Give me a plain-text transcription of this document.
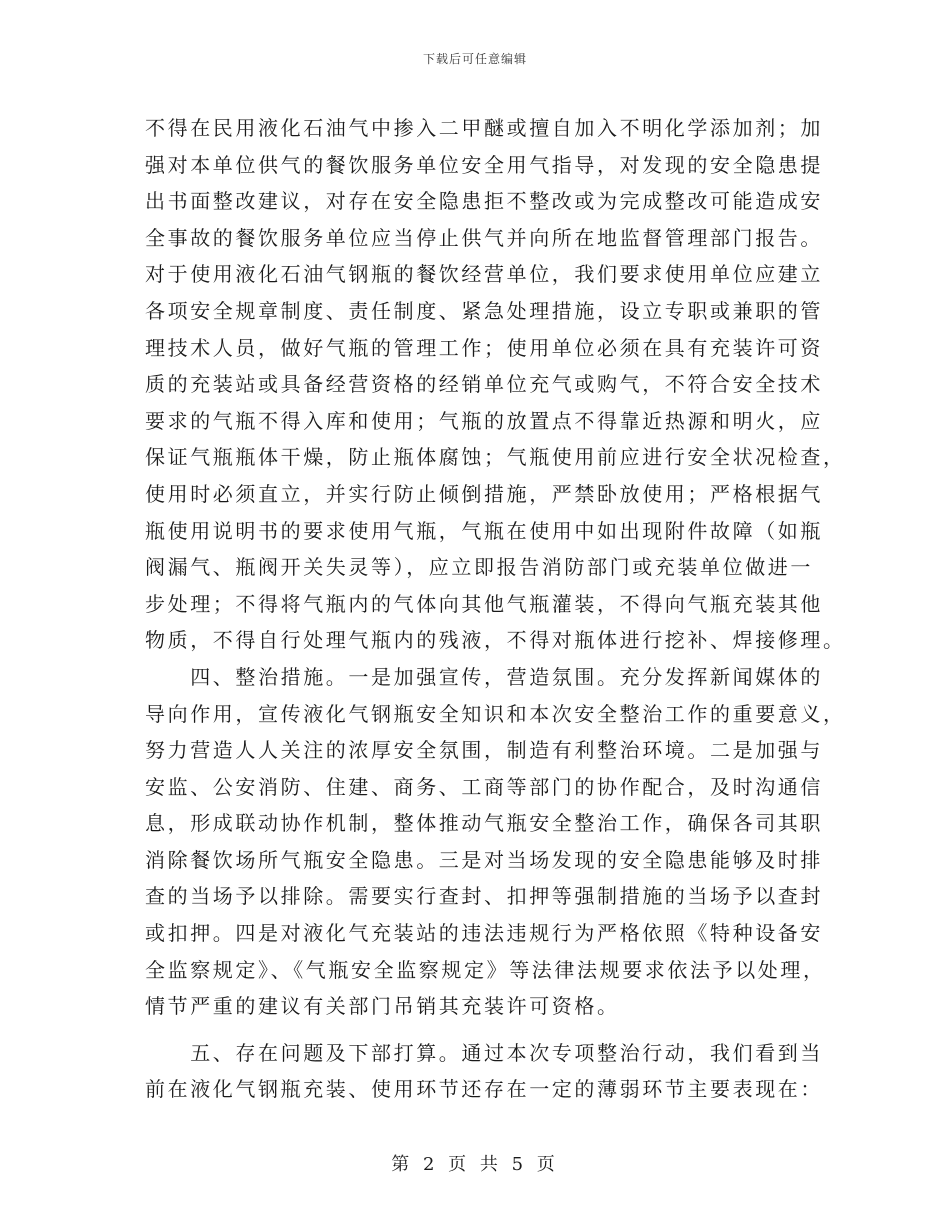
下载后可任意编辑
不得在民用液化石油气中掺入二甲醚或擅自加入不明化学添加剂；加
强对本单位供气的餐饮服务单位安全用气指导，对发现的安全隐患提
出书面整改建议，对存在安全隐患拒不整改或为完成整改可能造成安
全事故的餐饮服务单位应当停止供气并向所在地监督管理部门报告。
对于使用液化石油气钢瓶的餐饮经营单位，我们要求使用单位应建立
各项安全规章制度、责任制度、紧急处理措施，设立专职或兼职的管
理技术人员，做好气瓶的管理工作；使用单位必须在具有充装许可资
质的充装站或具备经营资格的经销单位充气或购气，不符合安全技术
要求的气瓶不得入库和使用；气瓶的放置点不得靠近热源和明火，应
保证气瓶瓶体干燥，防止瓶体腐蚀；气瓶使用前应进行安全状况检查，
使用时必须直立，并实行防止倾倒措施，严禁卧放使用；严格根据气
瓶使用说明书的要求使用气瓶，气瓶在使用中如出现附件故障（如瓶
阀漏气、瓶阀开关失灵等），应立即报告消防部门或充装单位做进一
步处理；不得将气瓶内的气体向其他气瓶灌装，不得向气瓶充装其他
物质，不得自行处理气瓶内的残液，不得对瓶体进行挖补、焊接修理。
　　四、整治措施。一是加强宣传，营造氛围。充分发挥新闻媒体的
导向作用，宣传液化气钢瓶安全知识和本次安全整治工作的重要意义，
努力营造人人关注的浓厚安全氛围，制造有利整治环境。二是加强与
安监、公安消防、住建、商务、工商等部门的协作配合，及时沟通信
息，形成联动协作机制，整体推动气瓶安全整治工作，确保各司其职
消除餐饮场所气瓶安全隐患。三是对当场发现的安全隐患能够及时排
查的当场予以排除。需要实行查封、扣押等强制措施的当场予以查封
或扣押。四是对液化气充装站的违法违规行为严格依照《特种设备安
全监察规定》、《气瓶安全监察规定》等法律法规要求依法予以处理，
情节严重的建议有关部门吊销其充装许可资格。
　　五、存在问题及下部打算。通过本次专项整治行动，我们看到当
前在液化气钢瓶充装、使用环节还存在一定的薄弱环节主要表现在：
第 2 页 共 5 页
